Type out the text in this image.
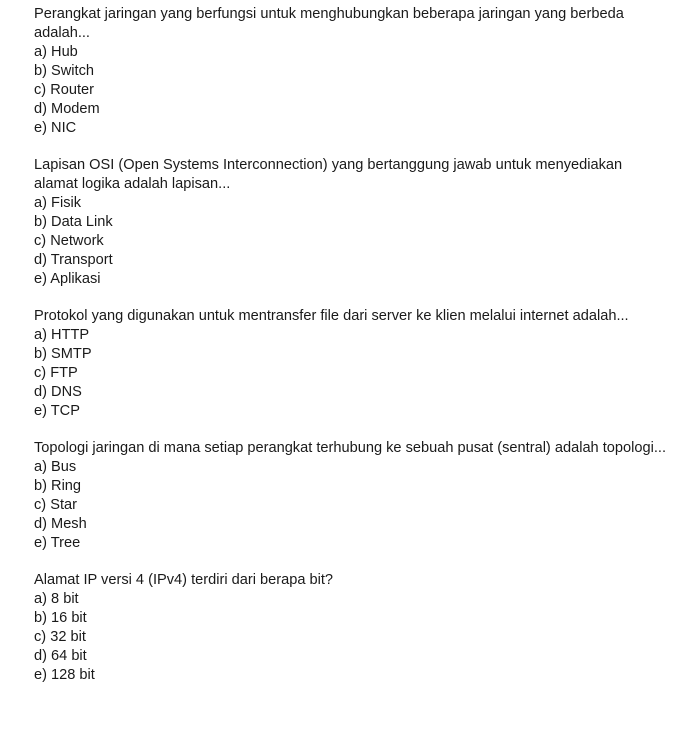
Perangkat jaringan yang berfungsi untuk menghubungkan beberapa jaringan yang berbeda adalah...
a) Hub
b) Switch
c) Router
d) Modem
e) NIC
Lapisan OSI (Open Systems Interconnection) yang bertanggung jawab untuk menyediakan alamat logika adalah lapisan...
a) Fisik
b) Data Link
c) Network
d) Transport
e) Aplikasi
Protokol yang digunakan untuk mentransfer file dari server ke klien melalui internet adalah...
a) HTTP
b) SMTP
c) FTP
d) DNS
e) TCP
Topologi jaringan di mana setiap perangkat terhubung ke sebuah pusat (sentral) adalah topologi...
a) Bus
b) Ring
c) Star
d) Mesh
e) Tree
Alamat IP versi 4 (IPv4) terdiri dari berapa bit?
a) 8 bit
b) 16 bit
c) 32 bit
d) 64 bit
e) 128 bit
